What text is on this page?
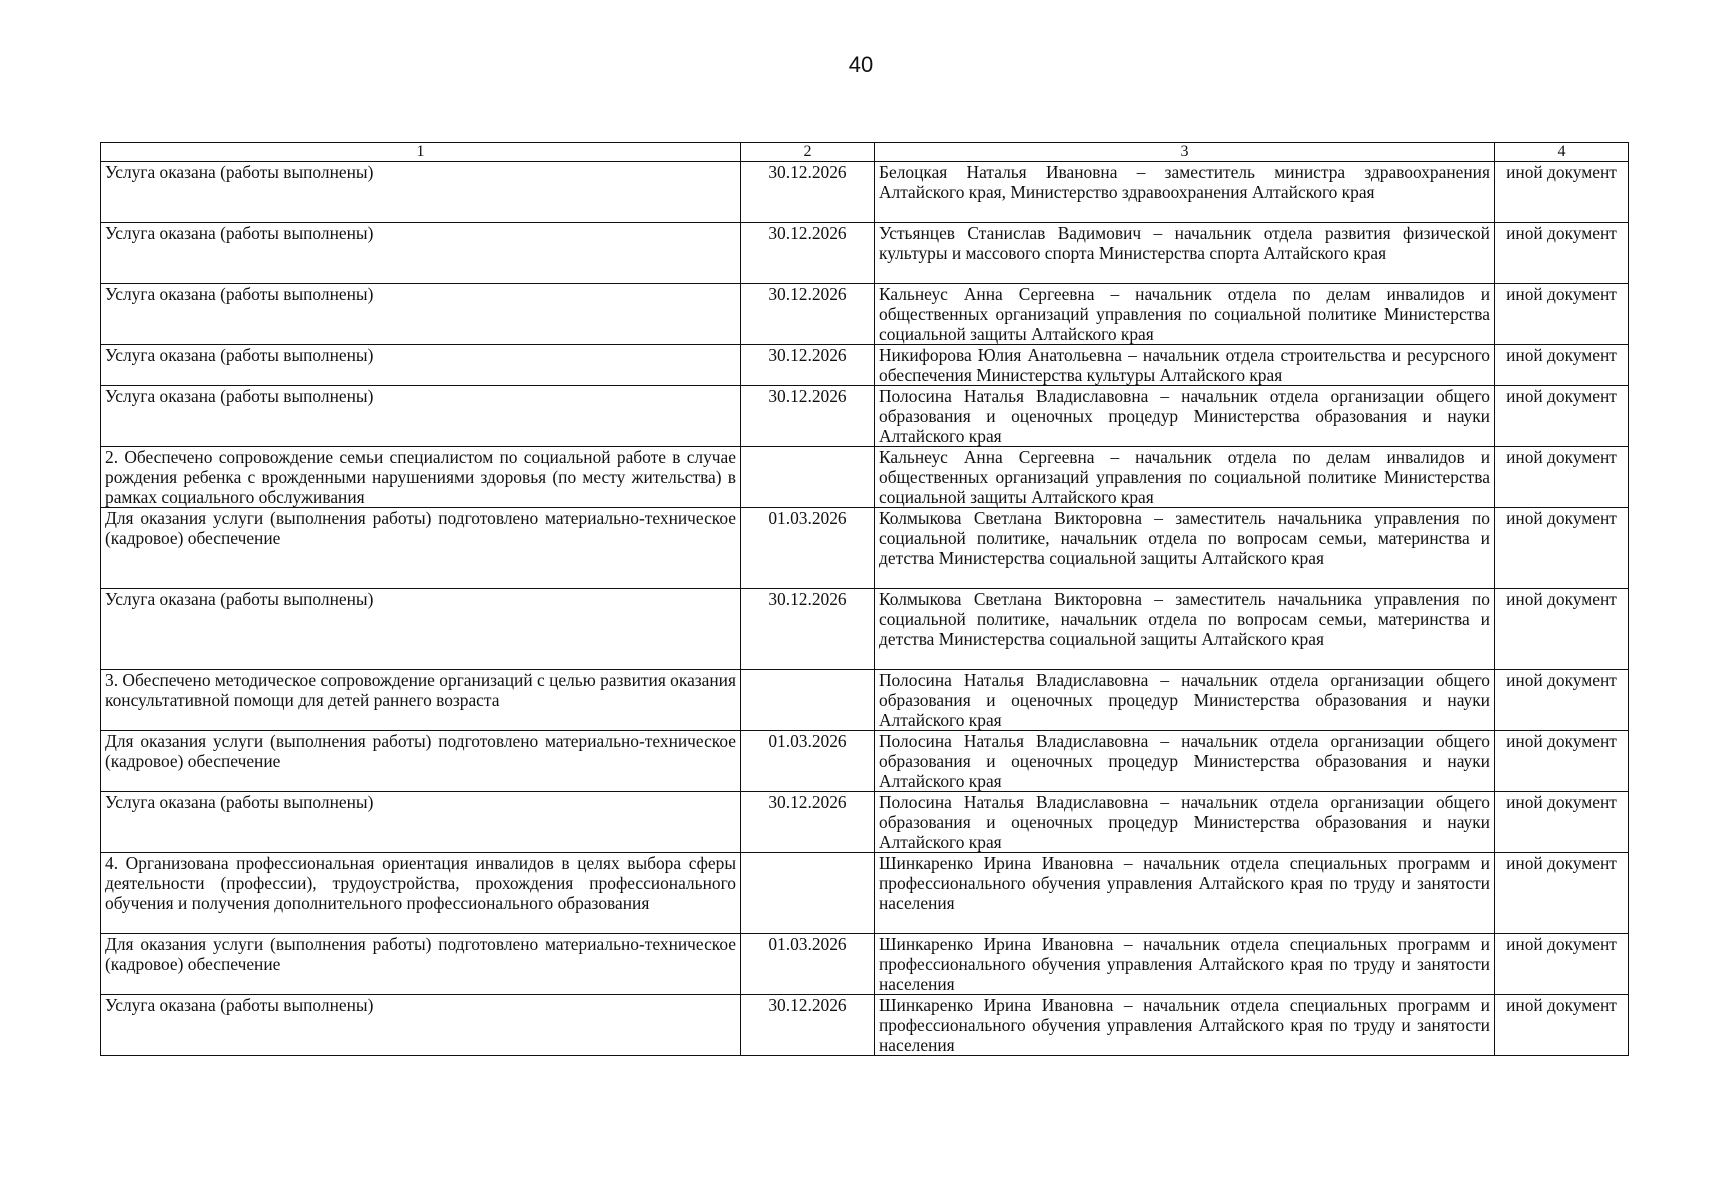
40
1	2	3	4
Услуга оказана (работы выполнены)	30.12.2026	Белоцкая Наталья Ивановна – заместитель министра здравоохранения Алтайского края, Министерство здравоохранения Алтайского края	иной документ
Услуга оказана (работы выполнены)	30.12.2026	Устьянцев Станислав Вадимович – начальник отдела развития физической культуры и массового спорта Министерства спорта Алтайского края	иной документ
Услуга оказана (работы выполнены)	30.12.2026	Кальнеус Анна Сергеевна – начальник отдела по делам инвалидов и общественных организаций управления по социальной политике Министерства социальной защиты Алтайского края	иной документ
Услуга оказана (работы выполнены)	30.12.2026	Никифорова Юлия Анатольевна – начальник отдела строительства и ресурсного обеспечения Министерства культуры Алтайского края	иной документ
Услуга оказана (работы выполнены)	30.12.2026	Полосина Наталья Владиславовна – начальник отдела организации общего образования и оценочных процедур Министерства образования и науки Алтайского края	иной документ
2. Обеспечено сопровождение семьи специалистом по социальной работе в случае рождения ребенка с врожденными нарушениями здоровья (по месту жительства) в рамках социального обслуживания		Кальнеус Анна Сергеевна – начальник отдела по делам инвалидов и общественных организаций управления по социальной политике Министерства социальной защиты Алтайского края	иной документ
Для оказания услуги (выполнения работы) подготовлено материально-техническое (кадровое) обеспечение	01.03.2026	Колмыкова Светлана Викторовна – заместитель начальника управления по социальной политике, начальник отдела по вопросам семьи, материнства и детства Министерства социальной защиты Алтайского края	иной документ
Услуга оказана (работы выполнены)	30.12.2026	Колмыкова Светлана Викторовна – заместитель начальника управления по социальной политике, начальник отдела по вопросам семьи, материнства и детства Министерства социальной защиты Алтайского края	иной документ
3. Обеспечено методическое сопровождение организаций с целью развития оказания консультативной помощи для детей раннего возраста		Полосина Наталья Владиславовна – начальник отдела организации общего образования и оценочных процедур Министерства образования и науки Алтайского края	иной документ
Для оказания услуги (выполнения работы) подготовлено материально-техническое (кадровое) обеспечение	01.03.2026	Полосина Наталья Владиславовна – начальник отдела организации общего образования и оценочных процедур Министерства образования и науки Алтайского края	иной документ
Услуга оказана (работы выполнены)	30.12.2026	Полосина Наталья Владиславовна – начальник отдела организации общего образования и оценочных процедур Министерства образования и науки Алтайского края	иной документ
4. Организована профессиональная ориентация инвалидов в целях выбора сферы деятельности (профессии), трудоустройства, прохождения профессионального обучения и получения дополнительного профессионального образования		Шинкаренко Ирина Ивановна – начальник отдела специальных программ и профессионального обучения управления Алтайского края по труду и занятости населения	иной документ
Для оказания услуги (выполнения работы) подготовлено материально-техническое (кадровое) обеспечение	01.03.2026	Шинкаренко Ирина Ивановна – начальник отдела специальных программ и профессионального обучения управления Алтайского края по труду и занятости населения	иной документ
Услуга оказана (работы выполнены)	30.12.2026	Шинкаренко Ирина Ивановна – начальник отдела специальных программ и профессионального обучения управления Алтайского края по труду и занятости населения	иной документ
